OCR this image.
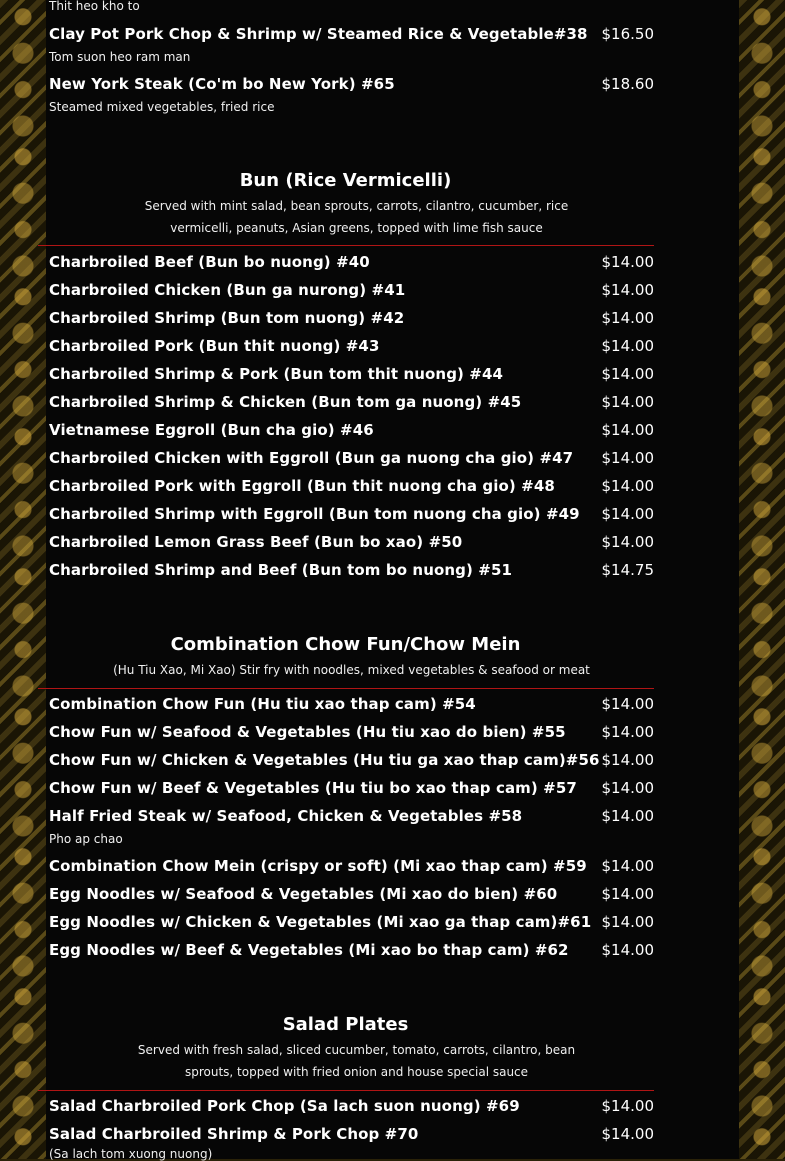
Thit heo kho to
Clay Pot Pork Chop & Shrimp w/ Steamed Rice & Vegetable#38 $16.50
Tom suon heo ram man
New York Steak (Co'm bo New York) #65	$18.60
Steamed mixed vegetables, fried rice
Bun (Rice Vermicelli)
Served with mint salad, bean sprouts, carrots, cilantro, cucumber, rice vermicelli, peanuts, Asian greens, topped with lime fish sauce
Charbroiled Beef (Bun bo nuong) #40	$14.00
Charbroiled Chicken (Bun ga nurong) #41	$14.00
Charbroiled Shrimp (Bun tom nuong) #42	$14.00
Charbroiled Pork (Bun thit nuong) #43	$14.00
Charbroiled Shrimp & Pork (Bun tom thit nuong) #44	$14.00
Charbroiled Shrimp & Chicken (Bun tom ga nuong) #45	$14.00
Vietnamese Eggroll (Bun cha gio) #46	$14.00
Charbroiled Chicken with Eggroll (Bun ga nuong cha gio) #47 $14.00
Charbroiled Pork with Eggroll (Bun thit nuong cha gio) #48	$14.00
Charbroiled Shrimp with Eggroll (Bun tom nuong cha gio) #49 $14.00
Charbroiled Lemon Grass Beef (Bun bo xao) #50	$14.00
Charbroiled Shrimp and Beef (Bun tom bo nuong) #51	$14.75
Combination Chow Fun/Chow Mein
(Hu Tiu Xao, Mi Xao) Stir fry with noodles, mixed vegetables & seafood or meat
Combination Chow Fun (Hu tiu xao thap cam) #54	$14.00
Chow Fun w/ Seafood & Vegetables (Hu tiu xao do bien) #55 $14.00
Chow Fun w/ Chicken & Vegetables (Hu tiu ga xao thap cam)#56 $14.00
Chow Fun w/ Beef & Vegetables (Hu tiu bo xao thap cam) #57 $14.00
Half Fried Steak w/ Seafood, Chicken & Vegetables #58	$14.00
Pho ap chao
Combination Chow Mein (crispy or soft) (Mi xao thap cam) #59 $14.00
Egg Noodles w/ Seafood & Vegetables (Mi xao do bien) #60	$14.00
Egg Noodles w/ Chicken & Vegetables (Mi xao ga thap cam)#61 $14.00
Egg Noodles w/ Beef & Vegetables (Mi xao bo thap cam) #62 $14.00
Salad Plates
Served with fresh salad, sliced cucumber, tomato, carrots, cilantro, bean sprouts, topped with fried onion and house special sauce
Salad Charbroiled Pork Chop (Sa lach suon nuong) #69	$14.00
Salad Charbroiled Shrimp & Pork Chop #70	$14.00
(Sa lach tom xuong nuong)
